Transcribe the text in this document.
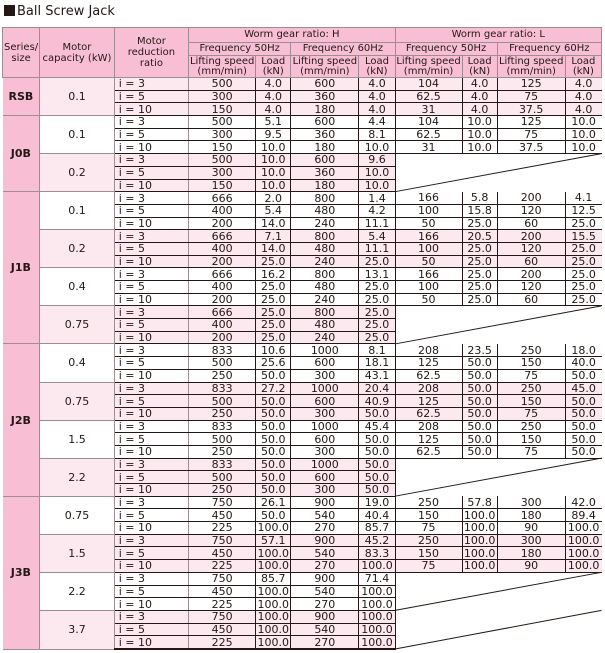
Ball Screw Jack
Series/ size	Motor capacity (kW)	Motor reduction ratio	Worm gear ratio: H				Worm gear ratio: L			
			Frequency 50Hz		Frequency 60Hz		Frequency 50Hz		Frequency 60Hz	
			Lifting speed (mm/min)	Load (kN)	Lifting speed (mm/min)	Load (kN)	Lifting speed (mm/min)	Load (kN)	Lifting speed (mm/min)	Load (kN)
RSB	0.1	i = 3	500	4.0	600	4.0	104	4.0	125	4.0
		i = 5	300	4.0	360	4.0	62.5	4.0	75	4.0
		i = 10	150	4.0	180	4.0	31	4.0	37.5	4.0
J0B	0.1	i = 3	500	5.1	600	4.4	104	10.0	125	10.0
		i = 5	300	9.5	360	8.1	62.5	10.0	75	10.0
		i = 10	150	10.0	180	10.0	31	10.0	37.5	10.0
	0.2	i = 3	500	10.0	600	9.6				
		i = 5	300	10.0	360	10.0				
		i = 10	150	10.0	180	10.0				
J1B	0.1	i = 3	666	2.0	800	1.4	166	5.8	200	4.1
		i = 5	400	5.4	480	4.2	100	15.8	120	12.5
		i = 10	200	14.0	240	11.1	50	25.0	60	25.0
	0.2	i = 3	666	7.1	800	5.4	166	20.5	200	15.5
		i = 5	400	14.0	480	11.1	100	25.0	120	25.0
		i = 10	200	25.0	240	25.0	50	25.0	60	25.0
	0.4	i = 3	666	16.2	800	13.1	166	25.0	200	25.0
		i = 5	400	25.0	480	25.0	100	25.0	120	25.0
		i = 10	200	25.0	240	25.0	50	25.0	60	25.0
	0.75	i = 3	666	25.0	800	25.0				
		i = 5	400	25.0	480	25.0				
		i = 10	200	25.0	240	25.0				
J2B	0.4	i = 3	833	10.6	1000	8.1	208	23.5	250	18.0
		i = 5	500	25.6	600	18.1	125	50.0	150	40.0
		i = 10	250	50.0	300	43.1	62.5	50.0	75	50.0
	0.75	i = 3	833	27.2	1000	20.4	208	50.0	250	45.0
		i = 5	500	50.0	600	40.9	125	50.0	150	50.0
		i = 10	250	50.0	300	50.0	62.5	50.0	75	50.0
	1.5	i = 3	833	50.0	1000	45.4	208	50.0	250	50.0
		i = 5	500	50.0	600	50.0	125	50.0	150	50.0
		i = 10	250	50.0	300	50.0	62.5	50.0	75	50.0
	2.2	i = 3	833	50.0	1000	50.0				
		i = 5	500	50.0	600	50.0				
		i = 10	250	50.0	300	50.0				
J3B	0.75	i = 3	750	26.1	900	19.0	250	57.8	300	42.0
		i = 5	450	50.0	540	40.4	150	100.0	180	89.4
		i = 10	225	100.0	270	85.7	75	100.0	90	100.0
	1.5	i = 3	750	57.1	900	45.2	250	100.0	300	100.0
		i = 5	450	100.0	540	83.3	150	100.0	180	100.0
		i = 10	225	100.0	270	100.0	75	100.0	90	100.0
	2.2	i = 3	750	85.7	900	71.4				
		i = 5	450	100.0	540	100.0				
		i = 10	225	100.0	270	100.0				
	3.7	i = 3	750	100.0	900	100.0				
		i = 5	450	100.0	540	100.0				
		i = 10	225	100.0	270	100.0				
